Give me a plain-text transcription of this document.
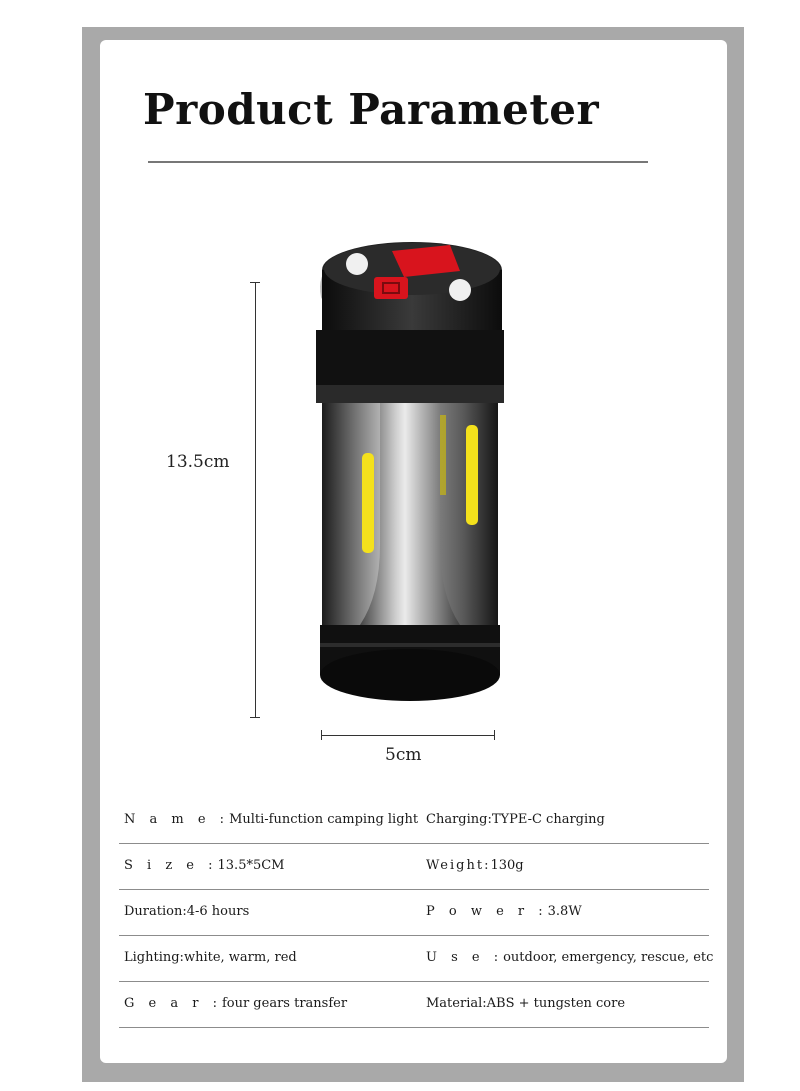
Product Parameter
13.5cm
5cm
N a m e :Multi-function camping light Charging:TYPE-C charging
S i z e :13.5*5CM	Weight:130g
Duration:4-6 hours	P o w e r :3.8W
Lighting:white, warm, red	U s e :outdoor, emergency, rescue, etc
G e a r :four gears transfer	Material:ABS + tungsten core
